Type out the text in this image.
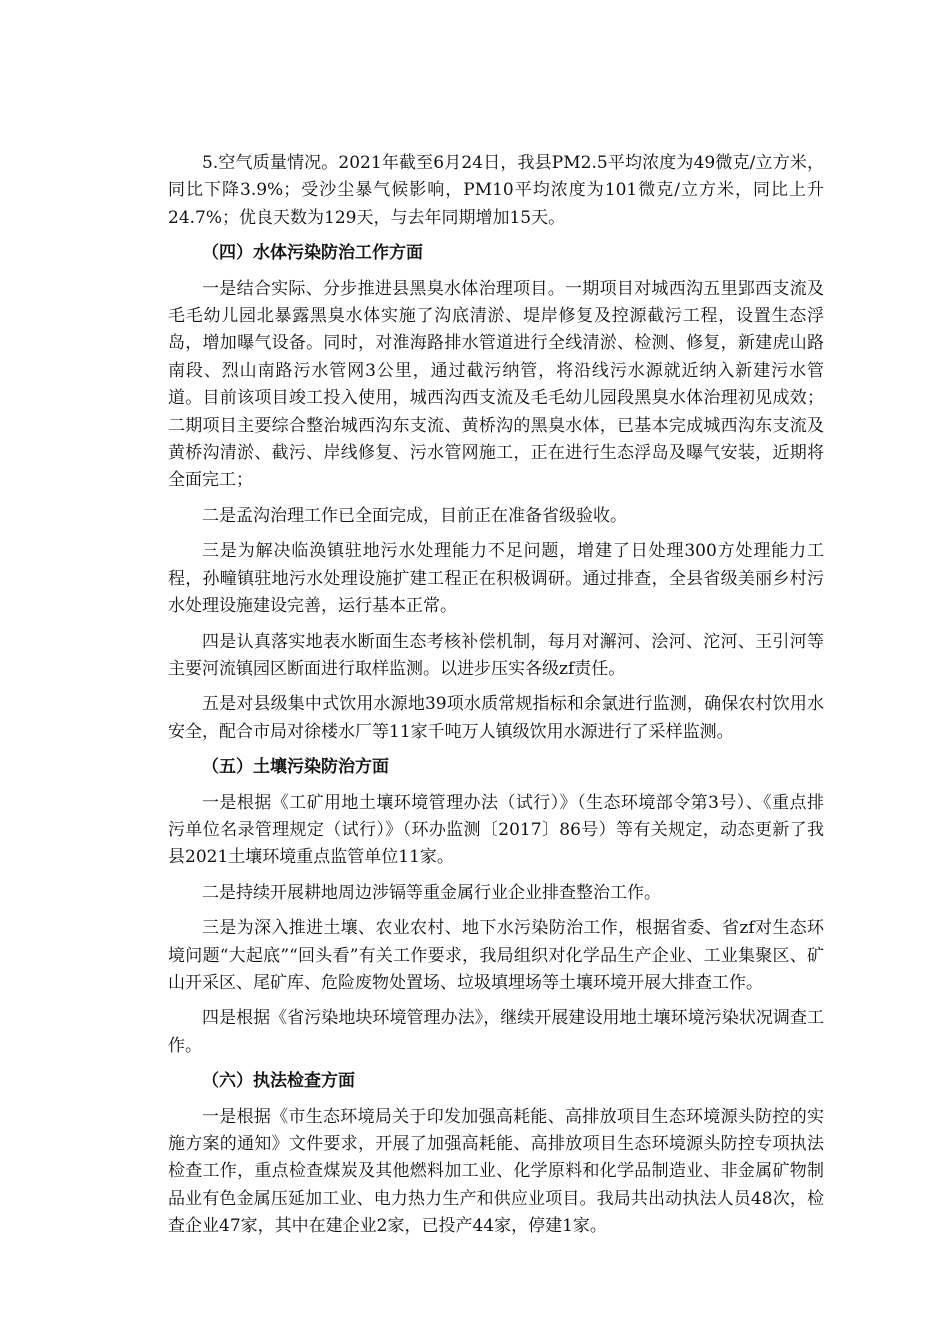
5.空气质量情况。2021年截至6月24日，我县PM2.5平均浓度为49微克/立方米，同比下降3.9%；受沙尘暴气候影响，PM10平均浓度为101微克/立方米，同比上升24.7%；优良天数为129天，与去年同期增加15天。

（四）水体污染防治工作方面

一是结合实际、分步推进县黑臭水体治理项目。一期项目对城西沟五里郢西支流及毛毛幼儿园北暴露黑臭水体实施了沟底清淤、堤岸修复及控源截污工程，设置生态浮岛，增加曝气设备。同时，对淮海路排水管道进行全线清淤、检测、修复，新建虎山路南段、烈山南路污水管网3公里，通过截污纳管，将沿线污水源就近纳入新建污水管道。目前该项目竣工投入使用，城西沟西支流及毛毛幼儿园段黑臭水体治理初见成效；二期项目主要综合整治城西沟东支流、黄桥沟的黑臭水体，已基本完成城西沟东支流及黄桥沟清淤、截污、岸线修复、污水管网施工，正在进行生态浮岛及曝气安装，近期将全面完工；

二是孟沟治理工作已全面完成，目前正在准备省级验收。

三是为解决临涣镇驻地污水处理能力不足问题，增建了日处理300方处理能力工程，孙疃镇驻地污水处理设施扩建工程正在积极调研。通过排查，全县省级美丽乡村污水处理设施建设完善，运行基本正常。

四是认真落实地表水断面生态考核补偿机制，每月对澥河、浍河、沱河、王引河等主要河流镇园区断面进行取样监测。以进步压实各级zf责任。

五是对县级集中式饮用水源地39项水质常规指标和余氯进行监测，确保农村饮用水安全，配合市局对徐楼水厂等11家千吨万人镇级饮用水源进行了采样监测。

（五）土壤污染防治方面

一是根据《工矿用地土壤环境管理办法（试行）》（生态环境部令第3号）、《重点排污单位名录管理规定（试行）》（环办监测〔2017〕86号）等有关规定，动态更新了我县2021土壤环境重点监管单位11家。

二是持续开展耕地周边涉镉等重金属行业企业排查整治工作。

三是为深入推进土壤、农业农村、地下水污染防治工作，根据省委、省zf对生态环境问题“大起底”“回头看”有关工作要求，我局组织对化学品生产企业、工业集聚区、矿山开采区、尾矿库、危险废物处置场、垃圾填埋场等土壤环境开展大排查工作。

四是根据《省污染地块环境管理办法》，继续开展建设用地土壤环境污染状况调查工作。

（六）执法检查方面

一是根据《市生态环境局关于印发加强高耗能、高排放项目生态环境源头防控的实施方案的通知》文件要求，开展了加强高耗能、高排放项目生态环境源头防控专项执法检查工作，重点检查煤炭及其他燃料加工业、化学原料和化学品制造业、非金属矿物制品业有色金属压延加工业、电力热力生产和供应业项目。我局共出动执法人员48次，检查企业47家，其中在建企业2家，已投产44家，停建1家。
